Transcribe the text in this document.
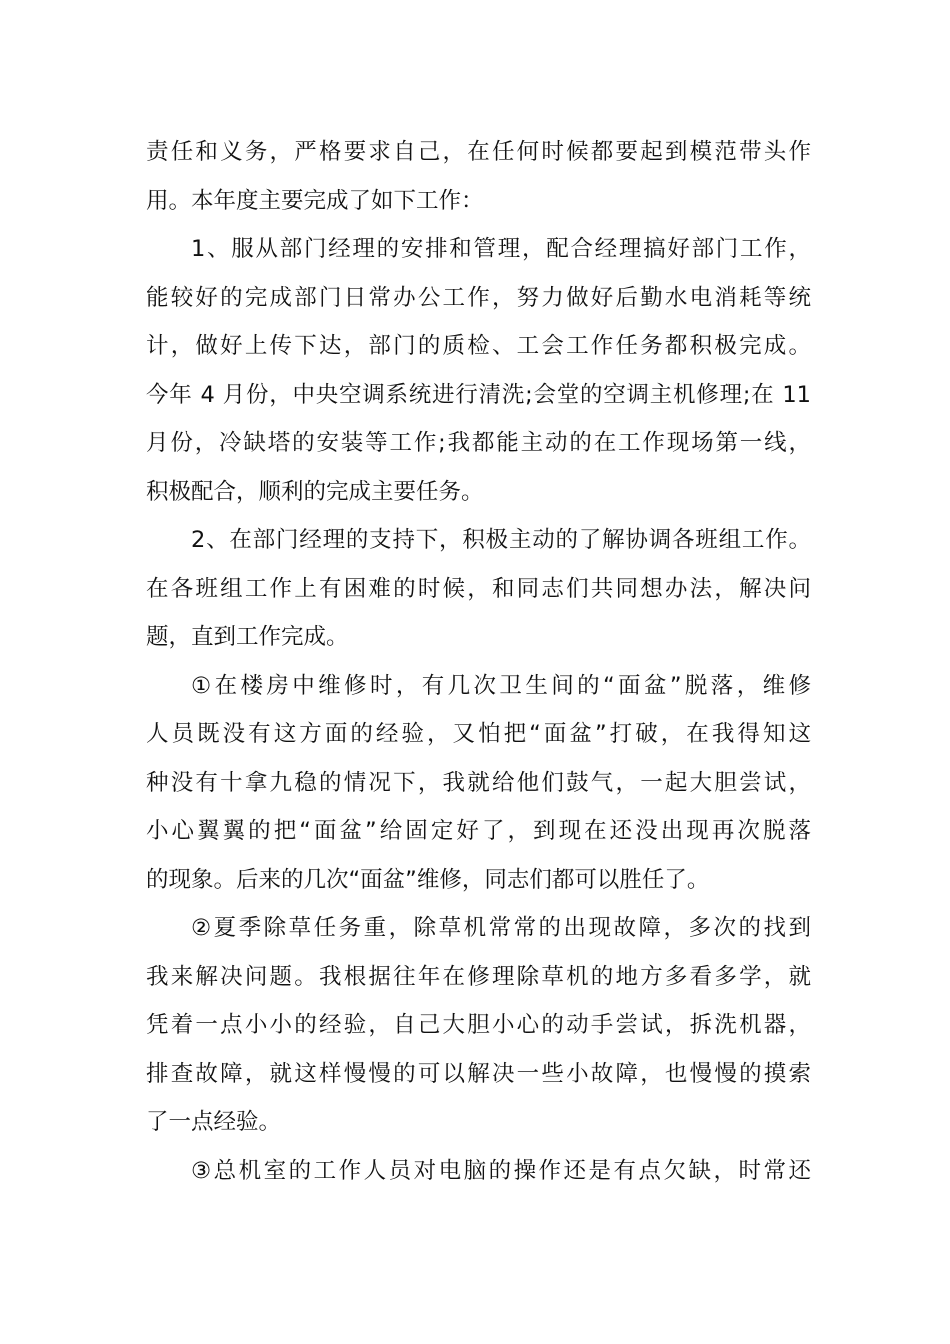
责任和义务，严格要求自己，在任何时候都要起到模范带头作
用。本年度主要完成了如下工作：
1、服从部门经理的安排和管理，配合经理搞好部门工作，
能较好的完成部门日常办公工作，努力做好后勤水电消耗等统
计，做好上传下达，部门的质检、工会工作任务都积极完成。
今年 4 月份，中央空调系统进行清洗;会堂的空调主机修理;在 11
月份，冷缺塔的安装等工作;我都能主动的在工作现场第一线，
积极配合，顺利的完成主要任务。
2、在部门经理的支持下，积极主动的了解协调各班组工作。
在各班组工作上有困难的时候，和同志们共同想办法，解决问
题，直到工作完成。
①在楼房中维修时，有几次卫生间的“面盆”脱落，维修
人员既没有这方面的经验，又怕把“面盆”打破，在我得知这
种没有十拿九稳的情况下，我就给他们鼓气，一起大胆尝试，
小心翼翼的把“面盆”给固定好了，到现在还没出现再次脱落
的现象。后来的几次“面盆”维修，同志们都可以胜任了。
②夏季除草任务重，除草机常常的出现故障，多次的找到
我来解决问题。我根据往年在修理除草机的地方多看多学，就
凭着一点小小的经验，自己大胆小心的动手尝试，拆洗机器，
排查故障，就这样慢慢的可以解决一些小故障，也慢慢的摸索
了一点经验。
③总机室的工作人员对电脑的操作还是有点欠缺，时常还
